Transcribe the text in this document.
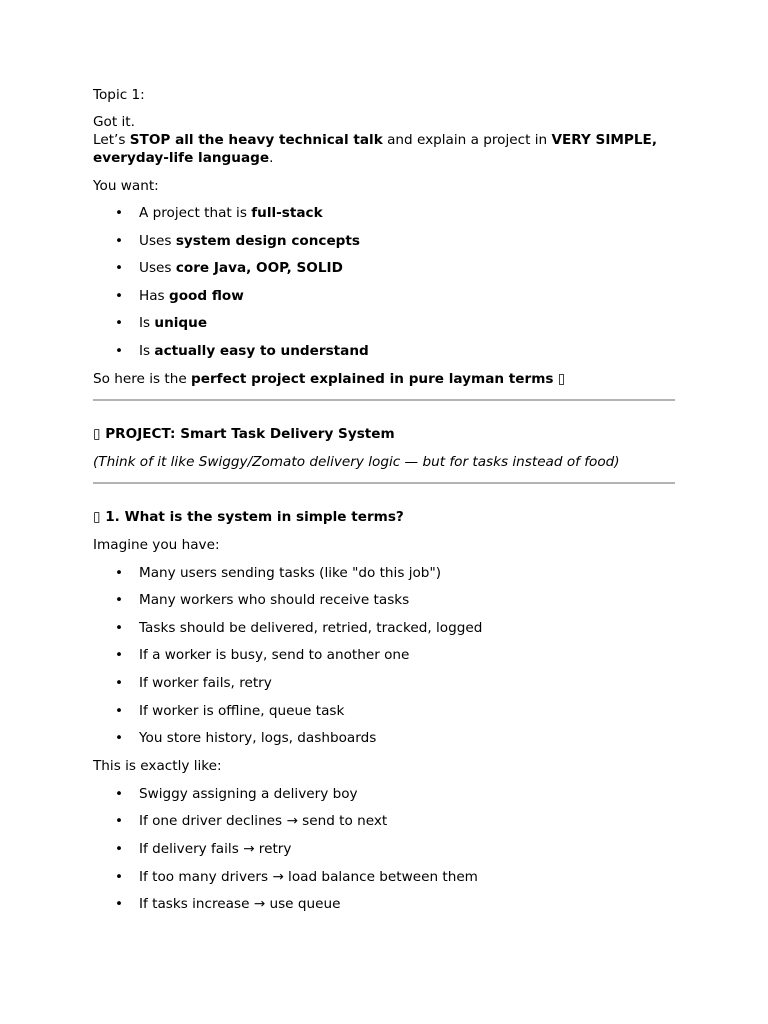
Topic 1:

Got it.

Let’s STOP all the heavy technical talk and explain a project in VERY SIMPLE, everyday-life language.

You want:

• A project that is full-stack
• Uses system design concepts
• Uses core Java, OOP, SOLID
• Has good flow
• Is unique
• Is actually easy to understand

So here is the perfect project explained in pure layman terms ▯

▯ PROJECT: Smart Task Delivery System

(Think of it like Swiggy/Zomato delivery logic — but for tasks instead of food)

▯ 1. What is the system in simple terms?

Imagine you have:

• Many users sending tasks (like "do this job")
• Many workers who should receive tasks
• Tasks should be delivered, retried, tracked, logged
• If a worker is busy, send to another one
• If worker fails, retry
• If worker is offline, queue task
• You store history, logs, dashboards

This is exactly like:

• Swiggy assigning a delivery boy
• If one driver declines → send to next
• If delivery fails → retry
• If too many drivers → load balance between them
• If tasks increase → use queue
